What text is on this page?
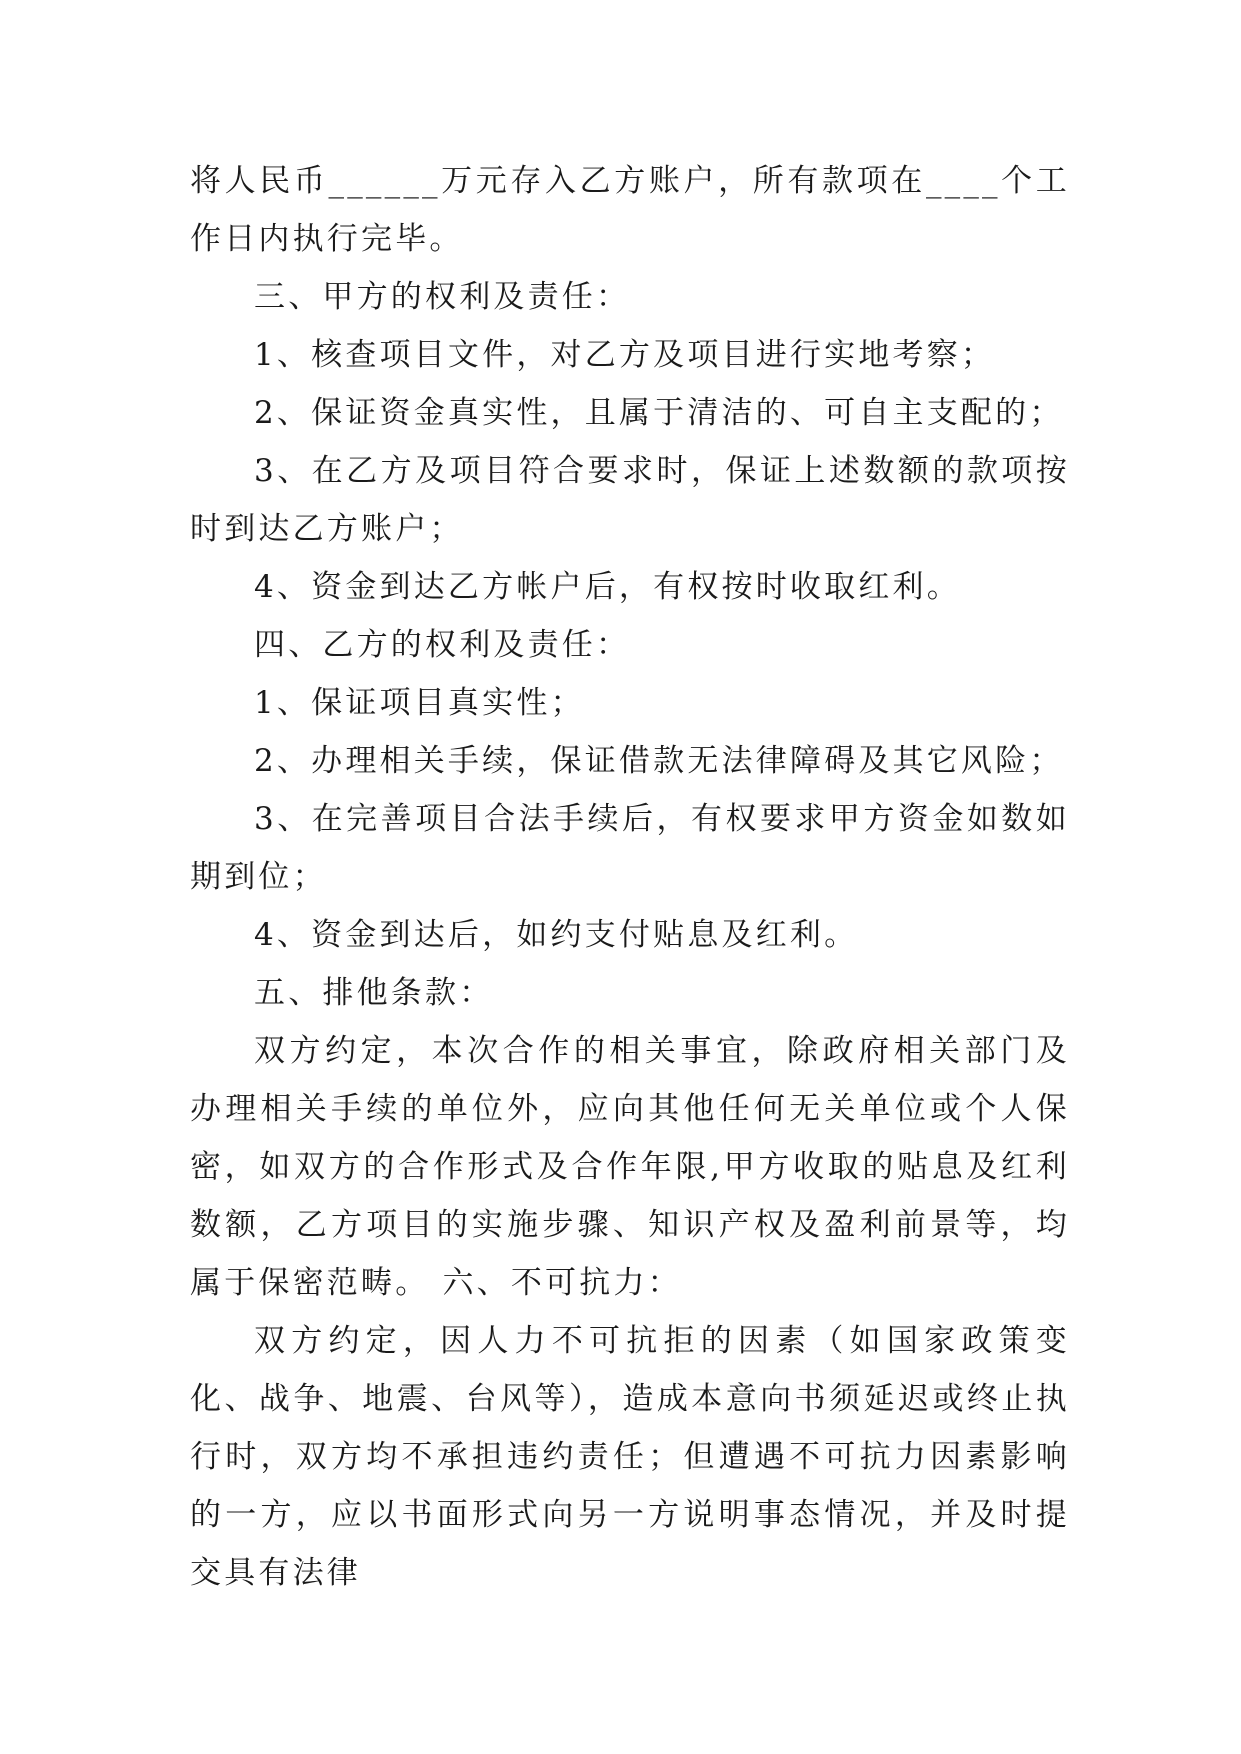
将人民币______万元存入乙方账户，所有款项在____个工作日内执行完毕。

三、甲方的权利及责任：

1、核查项目文件，对乙方及项目进行实地考察；

2、保证资金真实性，且属于清洁的、可自主支配的；

3、在乙方及项目符合要求时，保证上述数额的款项按时到达乙方账户；

4、资金到达乙方帐户后，有权按时收取红利。

四、乙方的权利及责任：

1、保证项目真实性；

2、办理相关手续，保证借款无法律障碍及其它风险；

3、在完善项目合法手续后，有权要求甲方资金如数如期到位；

4、资金到达后，如约支付贴息及红利。

五、排他条款：

双方约定，本次合作的相关事宜，除政府相关部门及办理相关手续的单位外，应向其他任何无关单位或个人保密，如双方的合作形式及合作年限,甲方收取的贴息及红利数额，乙方项目的实施步骤、知识产权及盈利前景等，均属于保密范畴。 六、不可抗力：

双方约定，因人力不可抗拒的因素（如国家政策变化、战争、地震、台风等），造成本意向书须延迟或终止执行时，双方均不承担违约责任；但遭遇不可抗力因素影响的一方，应以书面形式向另一方说明事态情况，并及时提交具有法律
